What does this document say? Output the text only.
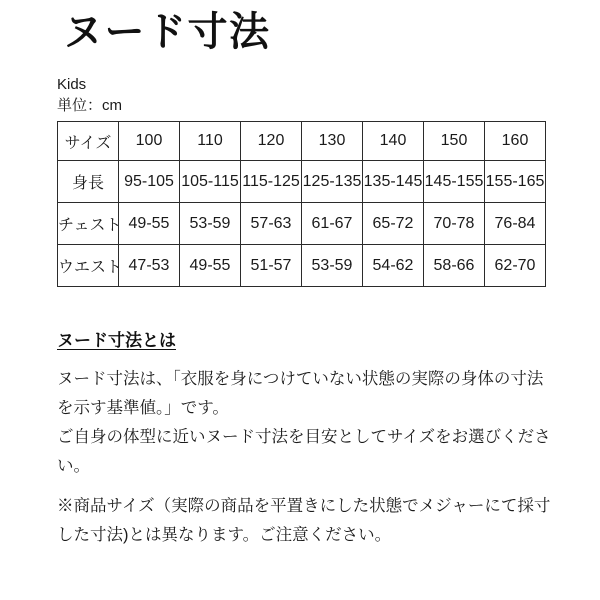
ヌード寸法
Kids
単位：cm
サイズ	100	110	120	130	140	150	160
身長	95-105	105-115	115-125	125-135	135-145	145-155	155-165
チェスト	49-55	53-59	57-63	61-67	65-72	70-78	76-84
ウエスト	47-53	49-55	51-57	53-59	54-62	58-66	62-70
ヌード寸法とは

ヌード寸法は、「衣服を身につけていない状態の実際の身体の寸法を示す基準値。」です。

ご自身の体型に近いヌード寸法を目安としてサイズをお選びください。

※商品サイズ（実際の商品を平置きにした状態でメジャーにて採寸した寸法)とは異なります。ご注意ください。
